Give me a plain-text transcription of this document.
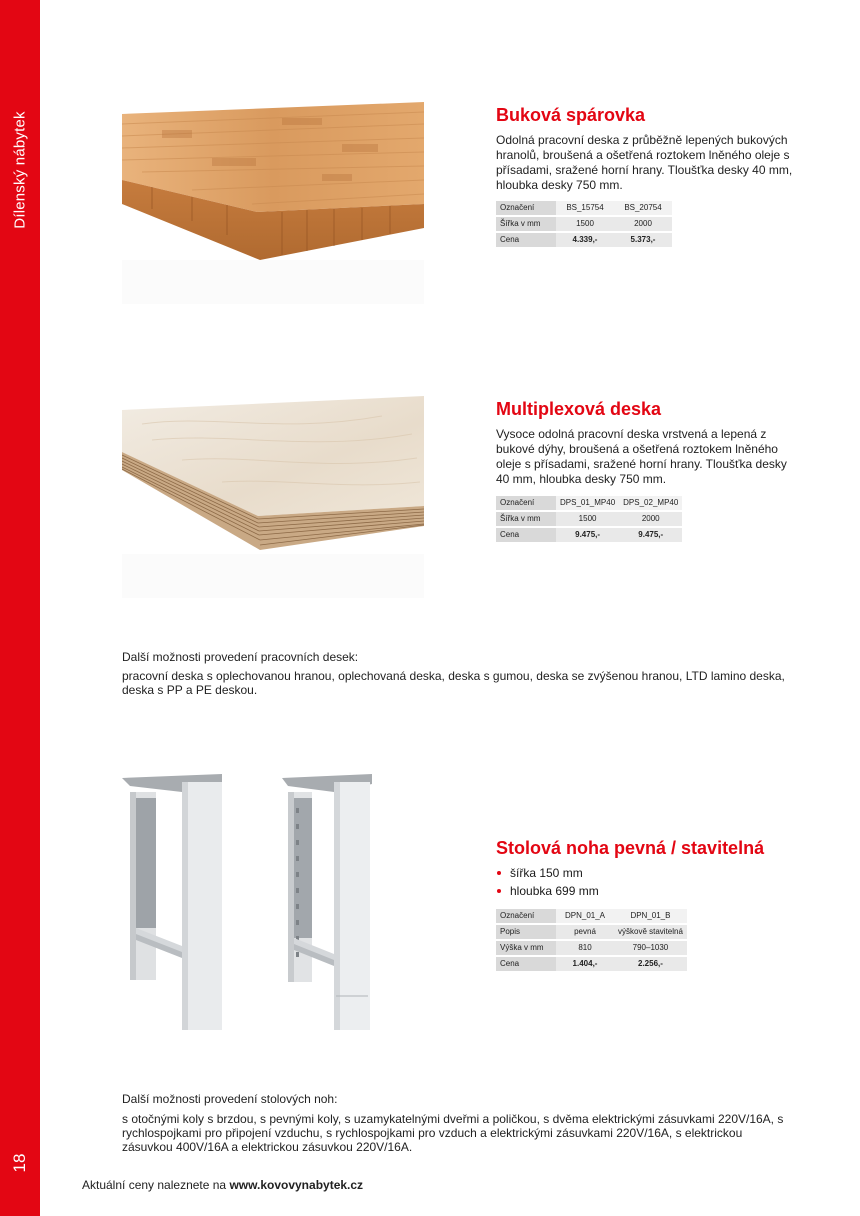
Dílenský nábytek
18
Buková spárovka

Odolná pracovní deska z průběžně lepených bukových hranolů, broušená a ošetřená roztokem lněného oleje s přísadami, sražené horní hrany. Tloušťka desky 40 mm, hloubka desky 750 mm.

Označení	BS_15754	BS_20754
Šířka v mm	1500	2000
Cena	4.339,-	5.373,-
Multiplexová deska

Vysoce odolná pracovní deska vrstvená a lepená z bukové dýhy, broušená a ošetřená roztokem lněného oleje s přísadami, sražené horní hrany. Tloušťka desky 40 mm, hloubka desky 750 mm.

Označení	DPS_01_MP40	DPS_02_MP40
Šířka v mm	1500	2000
Cena	9.475,-	9.475,-

Další možnosti provedení pracovních desek:

pracovní deska s oplechovanou hranou, oplechovaná deska, deska s gumou, deska se zvýšenou hranou, LTD lamino deska, deska s PP a PE deskou.

Stolová noha pevná / stavitelná
šířka 150 mm
hloubka 699 mm
Označení	DPN_01_A	DPN_01_B
Popis	pevná	výškově stavitelná
Výška v mm	810	790–1030
Cena	1.404,-	2.256,-

Další možnosti provedení stolových noh:

s otočnými koly s brzdou, s pevnými koly, s uzamykatelnými dveřmi a poličkou, s dvěma elektrickými zásuvkami 220V/16A, s rychlospojkami pro připojení vzduchu, s rychlospojkami pro vzduch a elektrickými zásuvkami 220V/16A, s elektrickou zásuvkou 400V/16A a elektrickou zásuvkou 220V/16A.

Aktuální ceny naleznete na www.kovovynabytek.cz
